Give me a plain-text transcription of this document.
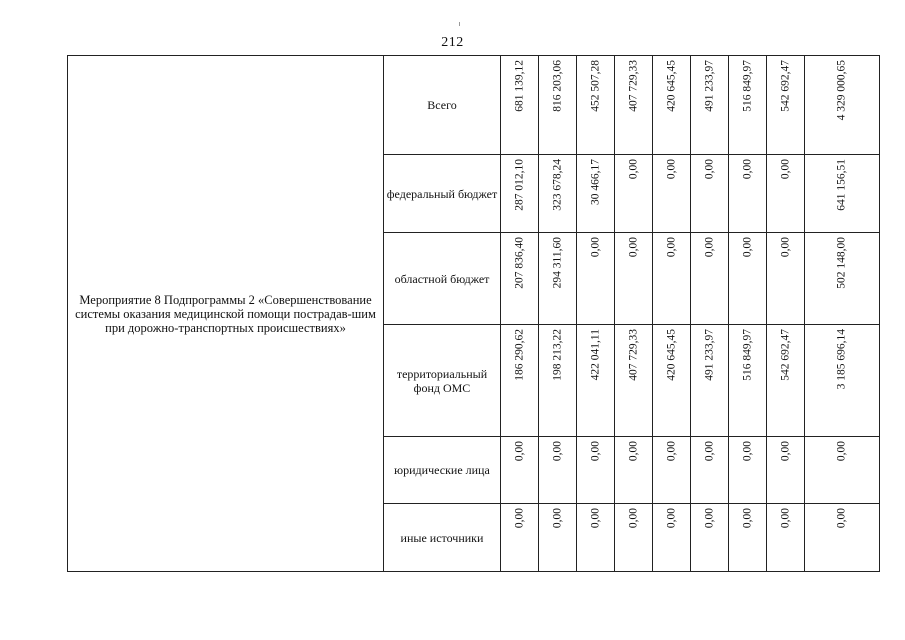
212
Мероприятие 8 Подпрограммы 2 «Совершенствование системы оказания медицинской помощи пострадав-шим при дорожно-транспортных происшествиях»	Всего	681 139,12	816 203,06	452 507,28	407 729,33	420 645,45	491 233,97	516 849,97	542 692,47	4 329 000,65

	федеральный бюджет	287 012,10	323 678,24	30 466,17	0,00	0,00	0,00	0,00	0,00	641 156,51

	областной бюджет	207 836,40	294 311,60	0,00	0,00	0,00	0,00	0,00	0,00	502 148,00

	территориальный фонд ОМС	186 290,62	198 213,22	422 041,11	407 729,33	420 645,45	491 233,97	516 849,97	542 692,47	3 185 696,14

	юридические лица	0,00	0,00	0,00	0,00	0,00	0,00	0,00	0,00	0,00

	иные источники	0,00	0,00	0,00	0,00	0,00	0,00	0,00	0,00	0,00
